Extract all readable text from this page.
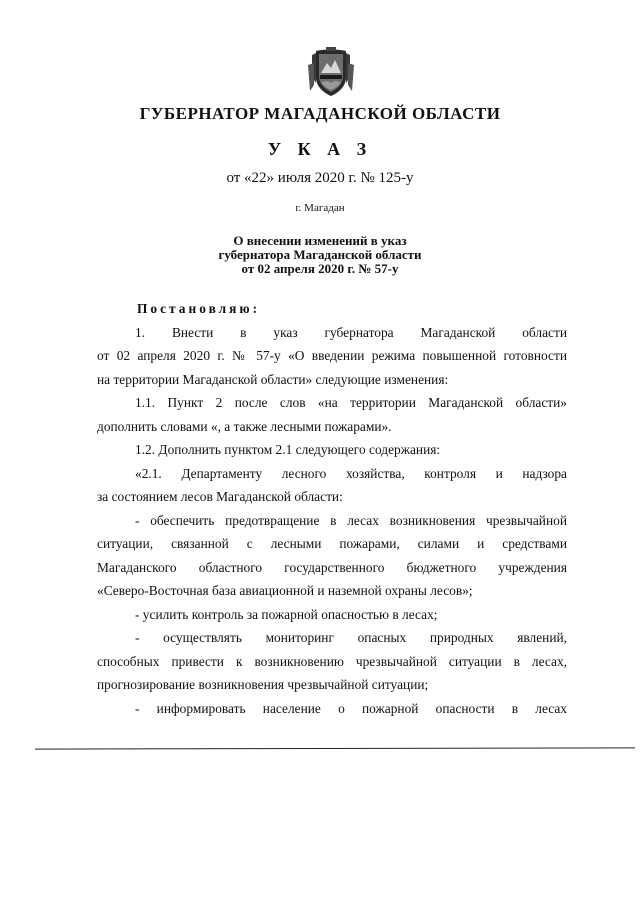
ГУБЕРНАТОР МАГАДАНСКОЙ ОБЛАСТИ
У К А З
от «22» июля 2020 г. № 125-у
г. Магадан
О внесении изменений в указ
губернатора Магаданской области
от 02 апреля 2020 г. № 57-у
Постановляю:
1. Внести в указ губернатора Магаданской области
от 02 апреля 2020 г. № 57-у «О введении режима повышенной готовности
на территории Магаданской области» следующие изменения:
1.1. Пункт 2 после слов «на территории Магаданской области»
дополнить словами «, а также лесными пожарами».
1.2. Дополнить пунктом 2.1 следующего содержания:
«2.1. Департаменту лесного хозяйства, контроля и надзора
за состоянием лесов Магаданской области:
- обеспечить предотвращение в лесах возникновения чрезвычайной
ситуации, связанной с лесными пожарами, силами и средствами
Магаданского областного государственного бюджетного учреждения
«Северо-Восточная база авиационной и наземной охраны лесов»;
- усилить контроль за пожарной опасностью в лесах;
- осуществлять мониторинг опасных природных явлений,
способных привести к возникновению чрезвычайной ситуации в лесах,
прогнозирование возникновения чрезвычайной ситуации;
- информировать население о пожарной опасности в лесах
